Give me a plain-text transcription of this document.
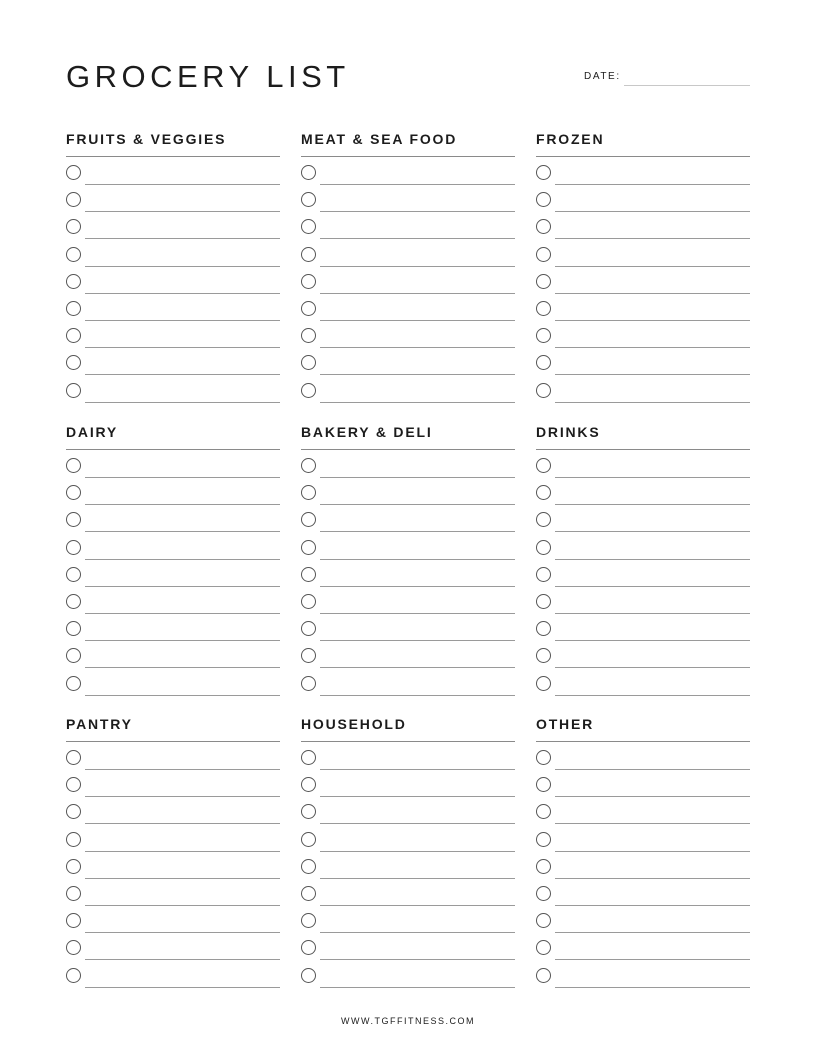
GROCERY LIST	DATE:
FRUITS & VEGGIES	MEAT & SEA FOOD	FROZEN
DAIRY	BAKERY & DELI	DRINKS
PANTRY	HOUSEHOLD	OTHER
WWW.TGFFITNESS.COM
